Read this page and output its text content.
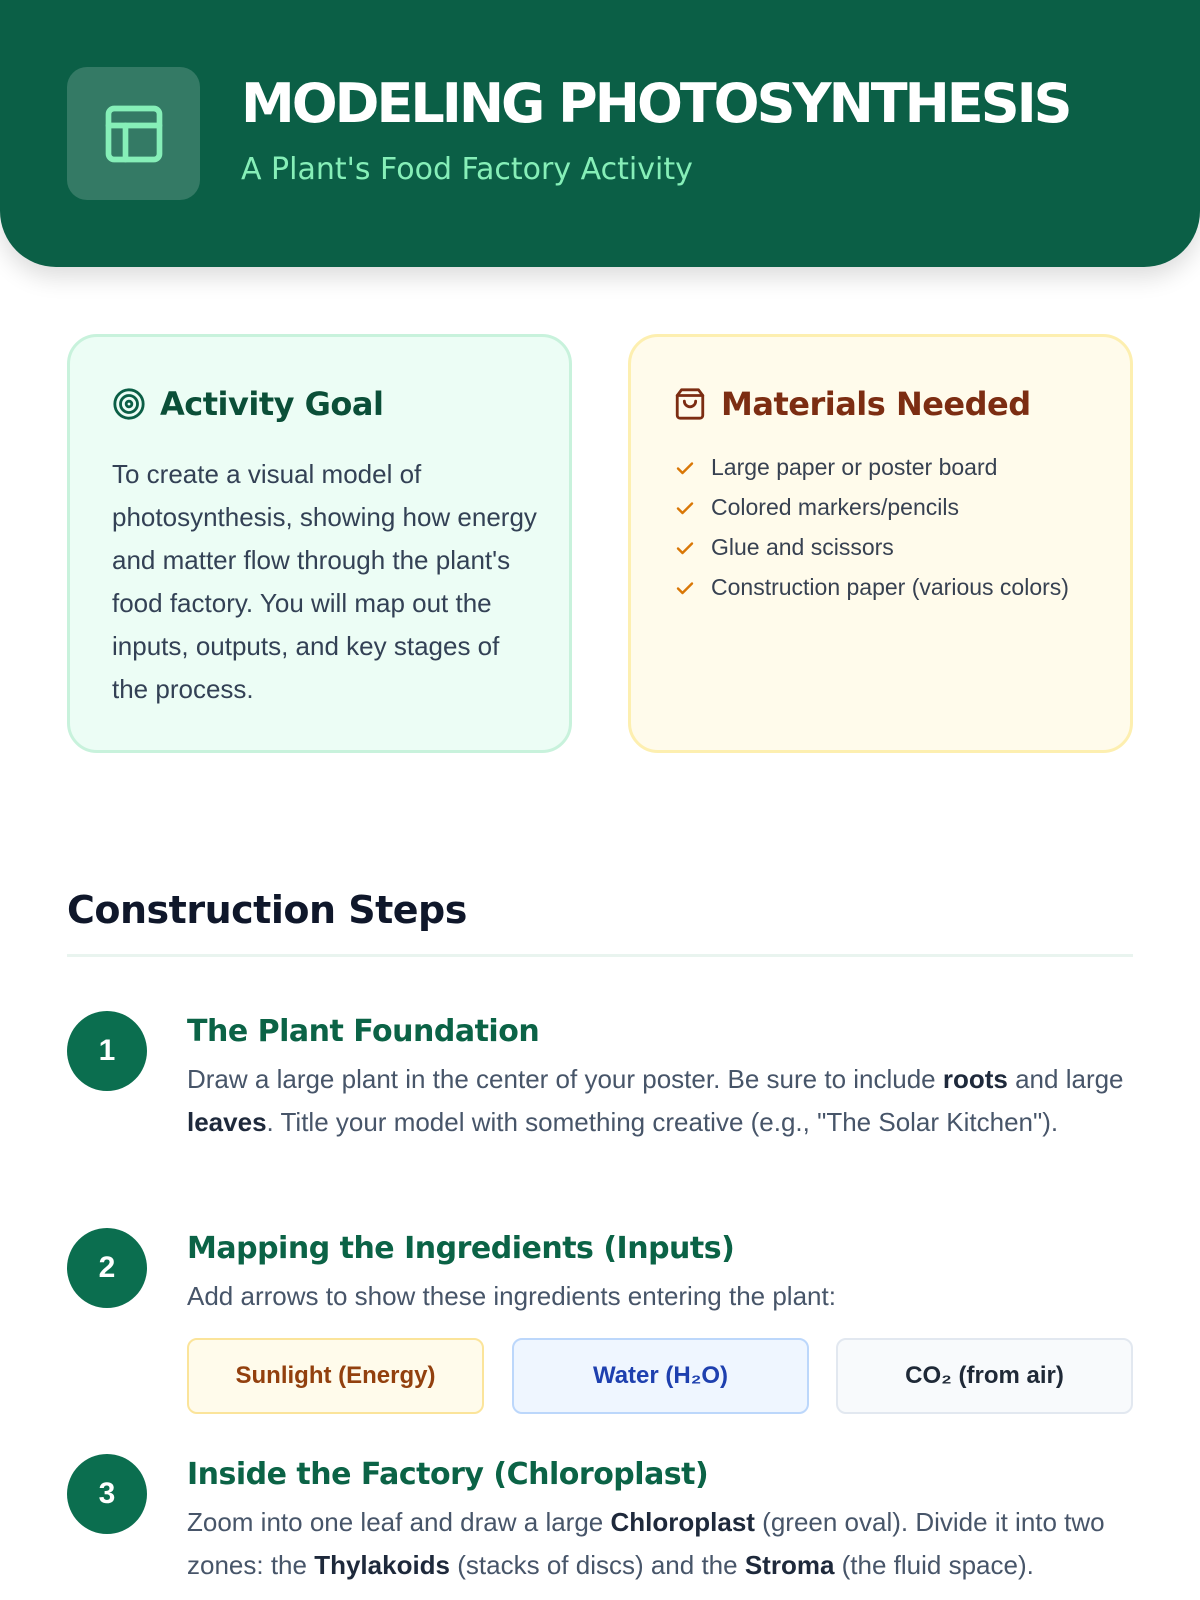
MODELING PHOTOSYNTHESIS
A Plant's Food Factory Activity
Activity Goal
To create a visual model of photosynthesis, showing how energy and matter flow through the plant's food factory. You will map out the inputs, outputs, and key stages of the process.
Materials Needed
Large paper or poster board
Colored markers/pencils
Glue and scissors
Construction paper (various colors)
Construction Steps
1
The Plant Foundation
Draw a large plant in the center of your poster. Be sure to include roots and large leaves. Title your model with something creative (e.g., "The Solar Kitchen").
2
Mapping the Ingredients (Inputs)
Add arrows to show these ingredients entering the plant:
Sunlight (Energy)	Water (H₂O)	CO₂ (from air)
3
Inside the Factory (Chloroplast)
Zoom into one leaf and draw a large Chloroplast (green oval). Divide it into two zones: the Thylakoids (stacks of discs) and the Stroma (the fluid space).
